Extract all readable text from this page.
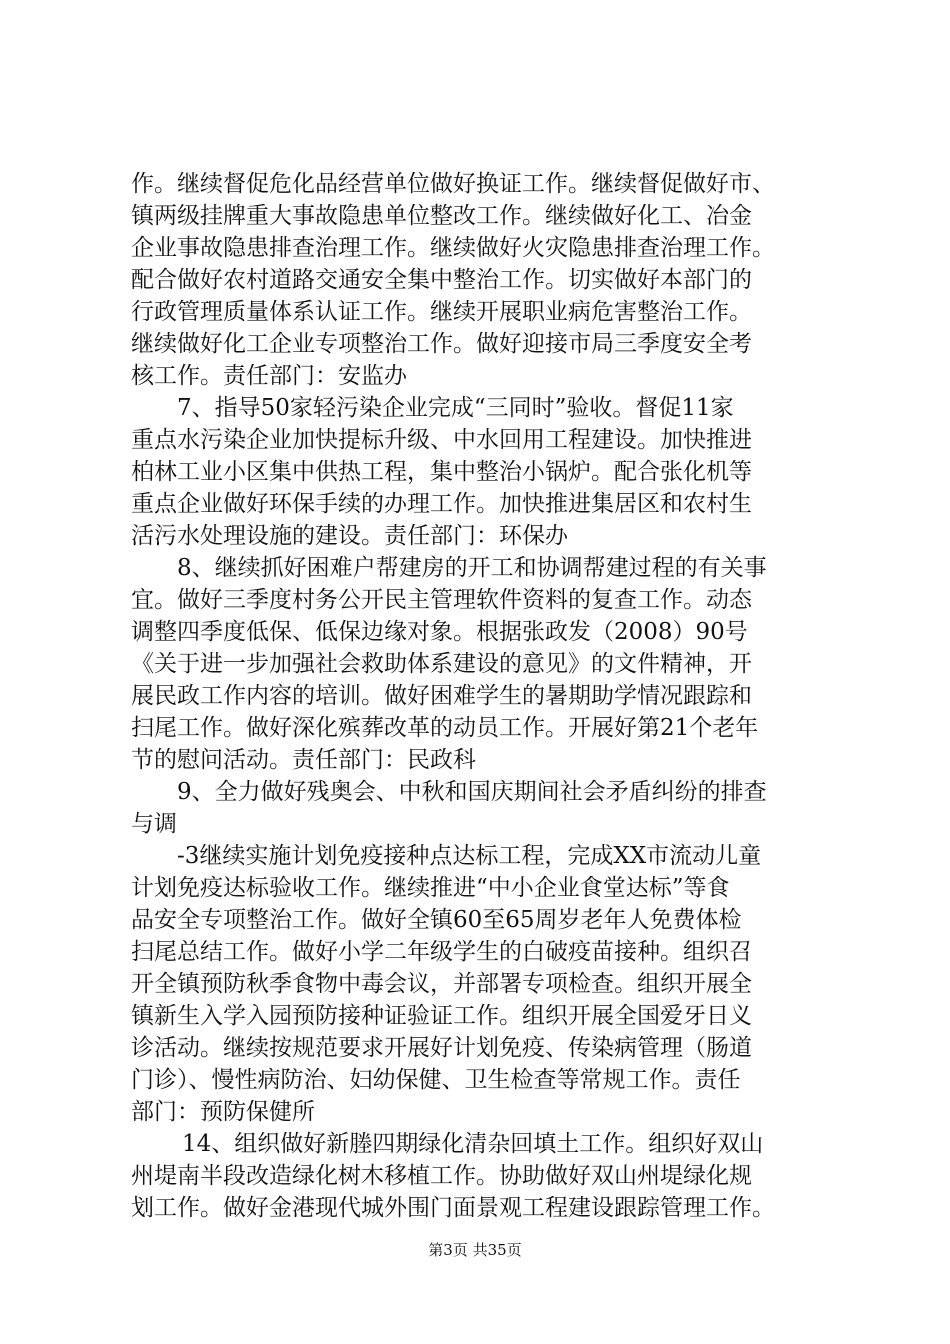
作。继续督促危化品经营单位做好换证工作。继续督促做好市、
镇两级挂牌重大事故隐患单位整改工作。继续做好化工、冶金
企业事故隐患排查治理工作。继续做好火灾隐患排查治理工作。
配合做好农村道路交通安全集中整治工作。切实做好本部门的
行政管理质量体系认证工作。继续开展职业病危害整治工作。
继续做好化工企业专项整治工作。做好迎接市局三季度安全考
核工作。责任部门：安监办
7、指导50家轻污染企业完成“三同时”验收。督促11家
重点水污染企业加快提标升级、中水回用工程建设。加快推进
柏林工业小区集中供热工程，集中整治小锅炉。配合张化机等
重点企业做好环保手续的办理工作。加快推进集居区和农村生
活污水处理设施的建设。责任部门：环保办
8、继续抓好困难户帮建房的开工和协调帮建过程的有关事
宜。做好三季度村务公开民主管理软件资料的复查工作。动态
调整四季度低保、低保边缘对象。根据张政发（2008）90号
《关于进一步加强社会救助体系建设的意见》的文件精神，开
展民政工作内容的培训。做好困难学生的暑期助学情况跟踪和
扫尾工作。做好深化殡葬改革的动员工作。开展好第21个老年
节的慰问活动。责任部门：民政科
9、全力做好残奥会、中秋和国庆期间社会矛盾纠纷的排查
与调
-3继续实施计划免疫接种点达标工程，完成XX市流动儿童
计划免疫达标验收工作。继续推进“中小企业食堂达标”等食
品安全专项整治工作。做好全镇60至65周岁老年人免费体检
扫尾总结工作。做好小学二年级学生的白破疫苗接种。组织召
开全镇预防秋季食物中毒会议，并部署专项检查。组织开展全
镇新生入学入园预防接种证验证工作。组织开展全国爱牙日义
诊活动。继续按规范要求开展好计划免疫、传染病管理（肠道
门诊）、慢性病防治、妇幼保健、卫生检查等常规工作。责任
部门：预防保健所
14、组织做好新塍四期绿化清杂回填土工作。组织好双山
州堤南半段改造绿化树木移植工作。协助做好双山州堤绿化规
划工作。做好金港现代城外围门面景观工程建设跟踪管理工作。
第3页 共35页
